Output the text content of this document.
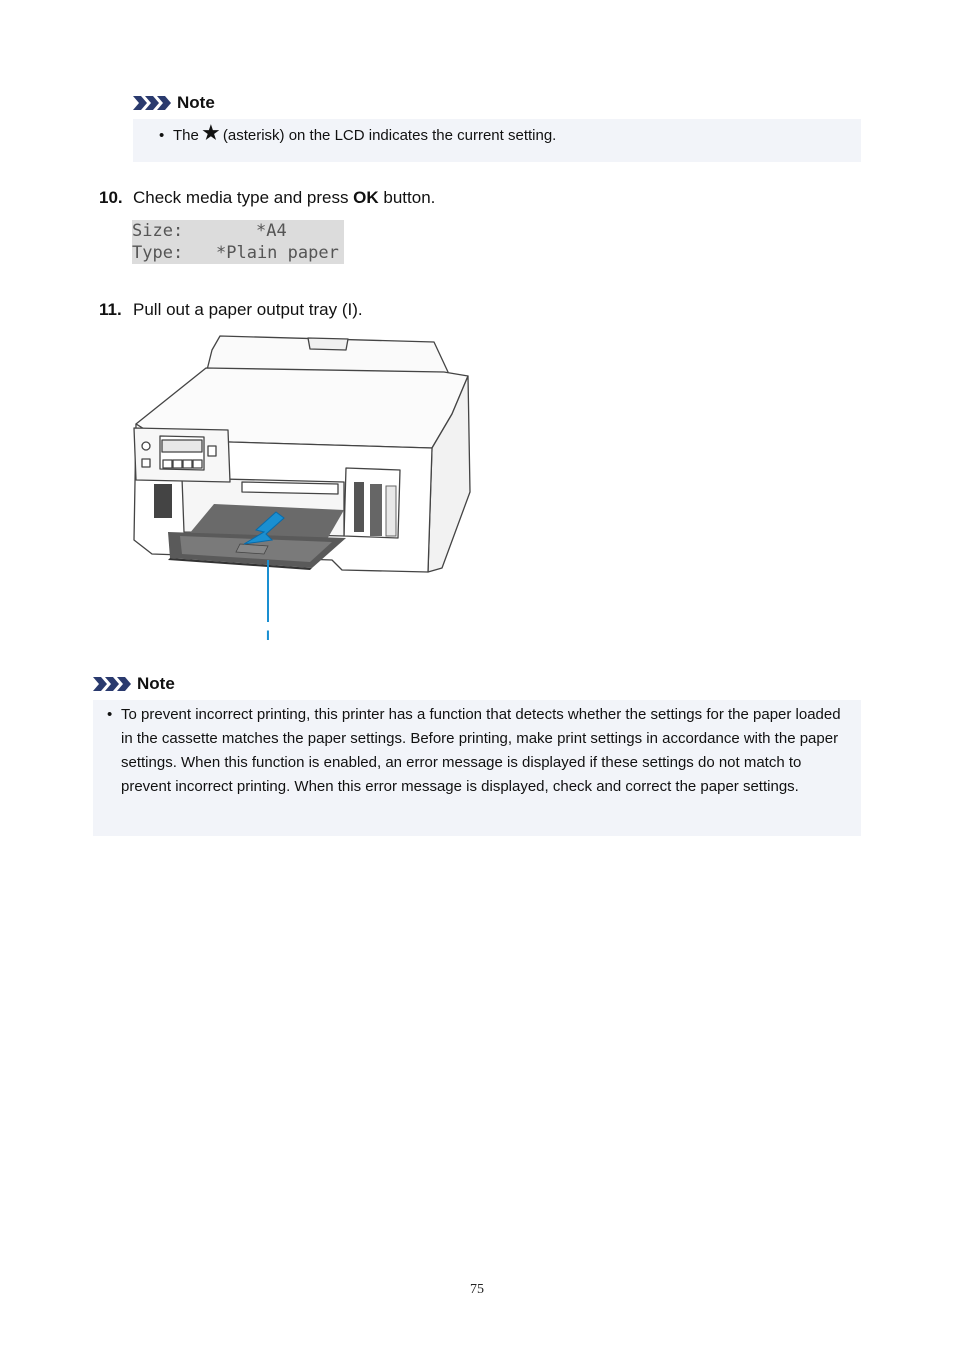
Note
• The ★ (asterisk) on the LCD indicates the current setting.
10. Check media type and press OK button.
Size:	*A4
Type:	*Plain paper
11. Pull out a paper output tray (I).
I
Note
• To prevent incorrect printing, this printer has a function that detects whether the settings for the paper loaded in the cassette matches the paper settings. Before printing, make print settings in accordance with the paper settings. When this function is enabled, an error message is displayed if these settings do not match to prevent incorrect printing. When this error message is displayed, check and correct the paper settings.
75
